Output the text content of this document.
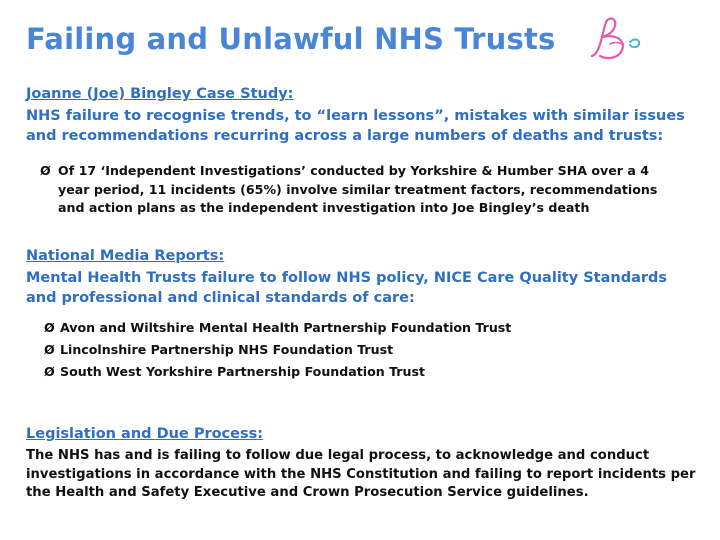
Failing and Unlawful NHS Trusts
Joanne (Joe) Bingley Case Study:
NHS failure to recognise trends, to “learn lessons”, mistakes with similar issues
and recommendations recurring across a large numbers of deaths and trusts:
Ø Of 17 ‘Independent Investigations’ conducted by Yorkshire & Humber SHA over a 4
year period, 11 incidents (65%) involve similar treatment factors, recommendations
and action plans as the independent investigation into Joe Bingley’s death
National Media Reports:
Mental Health Trusts failure to follow NHS policy, NICE Care Quality Standards
and professional and clinical standards of care:
Ø Avon and Wiltshire Mental Health Partnership Foundation Trust
Ø Lincolnshire Partnership NHS Foundation Trust
Ø South West Yorkshire Partnership Foundation Trust
Legislation and Due Process:
The NHS has and is failing to follow due legal process, to acknowledge and conduct
investigations in accordance with the NHS Constitution and failing to report incidents per
the Health and Safety Executive and Crown Prosecution Service guidelines.
